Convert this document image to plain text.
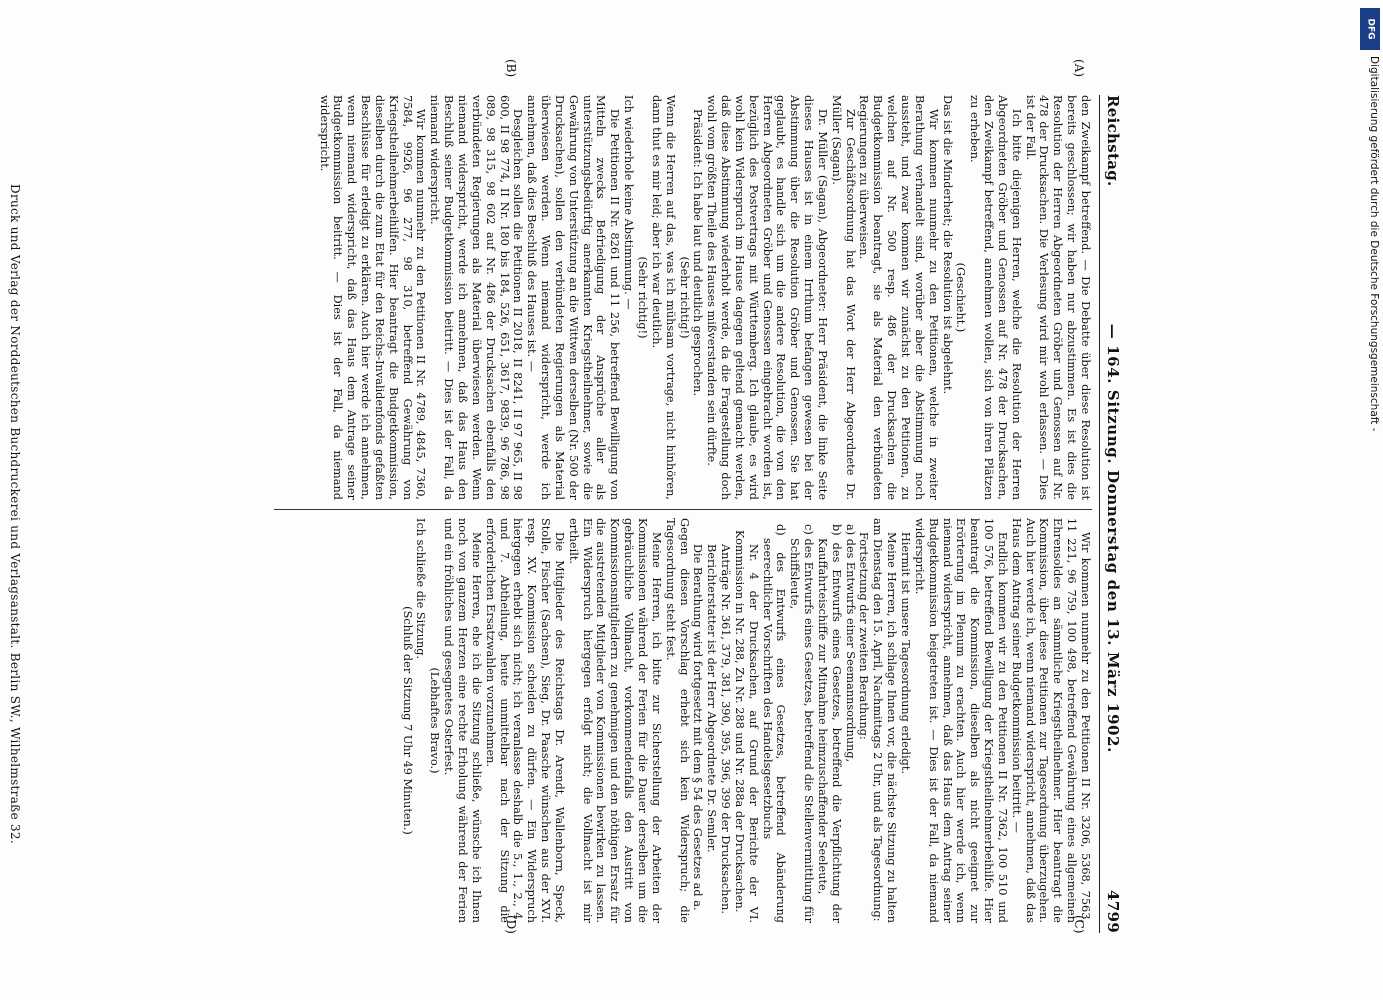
Reichstag.
— 164. Sitzung. Donnerstag den 13. März 1902.
4799
(A)
(B)
(C)
(D)

den Zweikampf betreffend. — Die Debatte über diese Resolution ist bereits geschlossen; wir haben nur abzustimmen. Es ist dies die Resolution der Herren Abgeordneten Gröber und Genossen auf Nr. 478 der Drucksachen. Die Verlesung wird mir wohl erlassen. — Dies ist der Fall.

Ich bitte diejenigen Herren, welche die Resolution der Herren Abgeordneten Gröber und Genossen auf Nr. 478 der Drucksachen, den Zweikampf betreffend, annehmen wollen, sich von ihren Plätzen zu erheben.

(Geschieht.)

Das ist die Minderheit; die Resolution ist abgelehnt.

Wir kommen nunmehr zu den Petitionen, welche in zweiter Berathung verhandelt sind, worüber aber die Abstimmung noch aussteht, und zwar kommen wir zunächst zu den Petitionen, zu welchen auf Nr. 500 resp. 486 der Drucksachen die Budgetkommission beantragt, sie als Material den verbündeten Regierungen zu überweisen.

Zur Geschäftsordnung hat das Wort der Herr Abgeordnete Dr. Müller (Sagan).

Dr. Müller (Sagan), Abgeordneter: Herr Präsident, die linke Seite dieses Hauses ist in einem Irrthum befangen gewesen bei der Abstimmung über die Resolution Gröber und Genossen. Sie hat geglaubt, es handle sich um die andere Resolution, die von den Herren Abgeordneten Gröber und Genossen eingebracht worden ist, bezüglich des Postvertrags mit Württemberg. Ich glaube, es wird wohl kein Widerspruch im Hause dagegen geltend gemacht werden, daß diese Abstimmung wiederholt werde, da die Fragestellung doch wohl vom größten Theile des Hauses mißverstanden sein dürfte.

Präsident: Ich habe laut und deutlich gesprochen.

(Sehr richtig!)

Wenn die Herren auf das, was ich mühsam vortrage, nicht hinhören, dann thut es mir leid; aber ich war deutlich.

(Sehr richtig!)

Ich wiederhole keine Abstimmung. —

Die Petitionen II Nr. 8261 und 11 256, betreffend Bewilligung von Mitteln zwecks Befriedigung der Ansprüche aller als unterstützungsbedürftig anerkannten Kriegstheilnehmer, sowie die Gewährung von Unterstützung an die Wittwen derselben (Nr. 500 der Drucksachen), sollen den verbündeten Regierungen als Material überwiesen werden. Wenn niemand widerspricht, werde ich annehmen, daß dies Beschluß des Hauses ist. —

Desgleichen sollen die Petitionen II 2018, II 8241, II 97 965, II 98 600, II 98 774, II Nr. 180 bis 184, 526, 651, 3617, 9839, 96 786, 98 089, 98 315, 98 602 auf Nr. 486 der Drucksachen ebenfalls den verbündeten Regierungen als Material überwiesen werden. Wenn niemand widerspricht, werde ich annehmen, daß das Haus den Beschluß seiner Budgetkommission beitritt. — Dies ist der Fall, da niemand widerspricht.

Wir kommen nunmehr zu den Petitionen II Nr. 4789, 4845, 7360, 7584, 9926, 96 277, 98 310, betreffend Gewährung von Kriegstheilnehmerbeihilfen. Hier beantragt die Budgetkommission, dieselben durch die zum Etat für den Reichs-Invalidenfonds gefaßten Beschlüsse für erledigt zu erklären. Auch hier werde ich annehmen, wenn niemand widerspricht, daß das Haus dem Antrage seiner Budgetkommission beitritt. — Dies ist der Fall, da niemand widerspricht.

Wir kommen nunmehr zu den Petitionen II Nr. 3206, 5368, 7563, 11 221, 96 759, 100 498, betreffend Gewährung eines allgemeinen Ehrensoldes an sämmtliche Kriegstheilnehmer. Hier beantragt die Kommission, über diese Petitionen zur Tagesordnung überzugehen. Auch hier werde ich, wenn niemand widerspricht, annehmen, daß das Haus dem Antrag seiner Budgetkommission beitritt. —

Endlich kommen wir zu den Petitionen II Nr. 7362, 100 510 und 100 576, betreffend Bewilligung der Kriegstheilnehmerbeihilfe. Hier beantragt die Kommission, dieselben als nicht geeignet zur Erörterung im Plenum zu erachten. Auch hier werde ich, wenn niemand widerspricht, annehmen, daß das Haus dem Antrag seiner Budgetkommission beigetreten ist. — Dies ist der Fall, da niemand widerspricht.

Hiermit ist unsere Tagesordnung erledigt.

Meine Herren, ich schlage Ihnen vor, die nächste Sitzung zu halten am Dienstag den 15. April, Nachmittags 2 Uhr, und als Tagesordnung:

Fortsetzung der zweiten Berathung:

a) des Entwurfs einer Seemannsordnung,

b) des Entwurfs eines Gesetzes, betreffend die Verpflichtung der Kauffahrteischiffe zur Mitnahme heimzuschaffender Seeleute,

c) des Entwurfs eines Gesetzes, betreffend die Stellenvermittlung für Schiffsleute,

d) des Entwurfs eines Gesetzes, betreffend Abänderung seerechtlicher Vorschriften des Handelsgesetzbuchs

Nr. 4 der Drucksachen, auf Grund der Berichte der VI. Kommission in Nr. 288, Zu Nr. 288 und Nr. 288a der Drucksachen.

Anträge Nr. 361, 379, 381, 390, 395, 396, 399 der Drucksachen.

Berichterstatter ist der Herr Abgeordnete Dr. Semler.

Die Berathung wird fortgesetzt mit dem § 54 des Gesetzes ad a.

Gegen diesen Vorschlag erhebt sich kein Widerspruch; die Tagesordnung steht fest.

Meine Herren, ich bitte zur Sicherstellung der Arbeiten der Kommissionen während der Ferien für die Dauer derselben um die gebräuchliche Vollmacht, vorkommendenfalls den Austritt von Kommissionsmitgliedern zu genehmigen und den nöthigen Ersatz für die austretenden Mitglieder von Kommissionen bewirken zu lassen. Ein Widerspruch hiergegen erfolgt nicht; die Vollmacht ist mir ertheilt.

Die Mitglieder des Reichstags Dr. Arendt, Wallenborn, Speck, Stolle, Fischer (Sachsen), Sieg, Dr. Paasche wünschen aus der XVI. resp. XV. Kommission scheiden zu dürfen. — Ein Widerspruch hiergegen erhebt sich nicht; ich veranlasse deshalb die 5., 1., 2., 4. und 7. Abtheilung, heute unmittelbar nach der Sitzung die erforderlichen Ersatzwahlen vorzunehmen.

Meine Herren, ehe ich die Sitzung schließe, wünsche ich Ihnen noch von ganzem Herzen eine rechte Erholung während der Ferien und ein fröhliches und gesegnetes Osterfest.

(Lebhaftes Bravo.)

Ich schließe die Sitzung.

(Schluß der Sitzung 7 Uhr 49 Minuten.)

Druck und Verlag der Norddeutschen Buchdruckerei und Verlagsanstalt. Berlin SW., Wilhelmstraße 32.
DFG
Digitalisierung gefördert durch die Deutsche Forschungsgemeinschaft -
